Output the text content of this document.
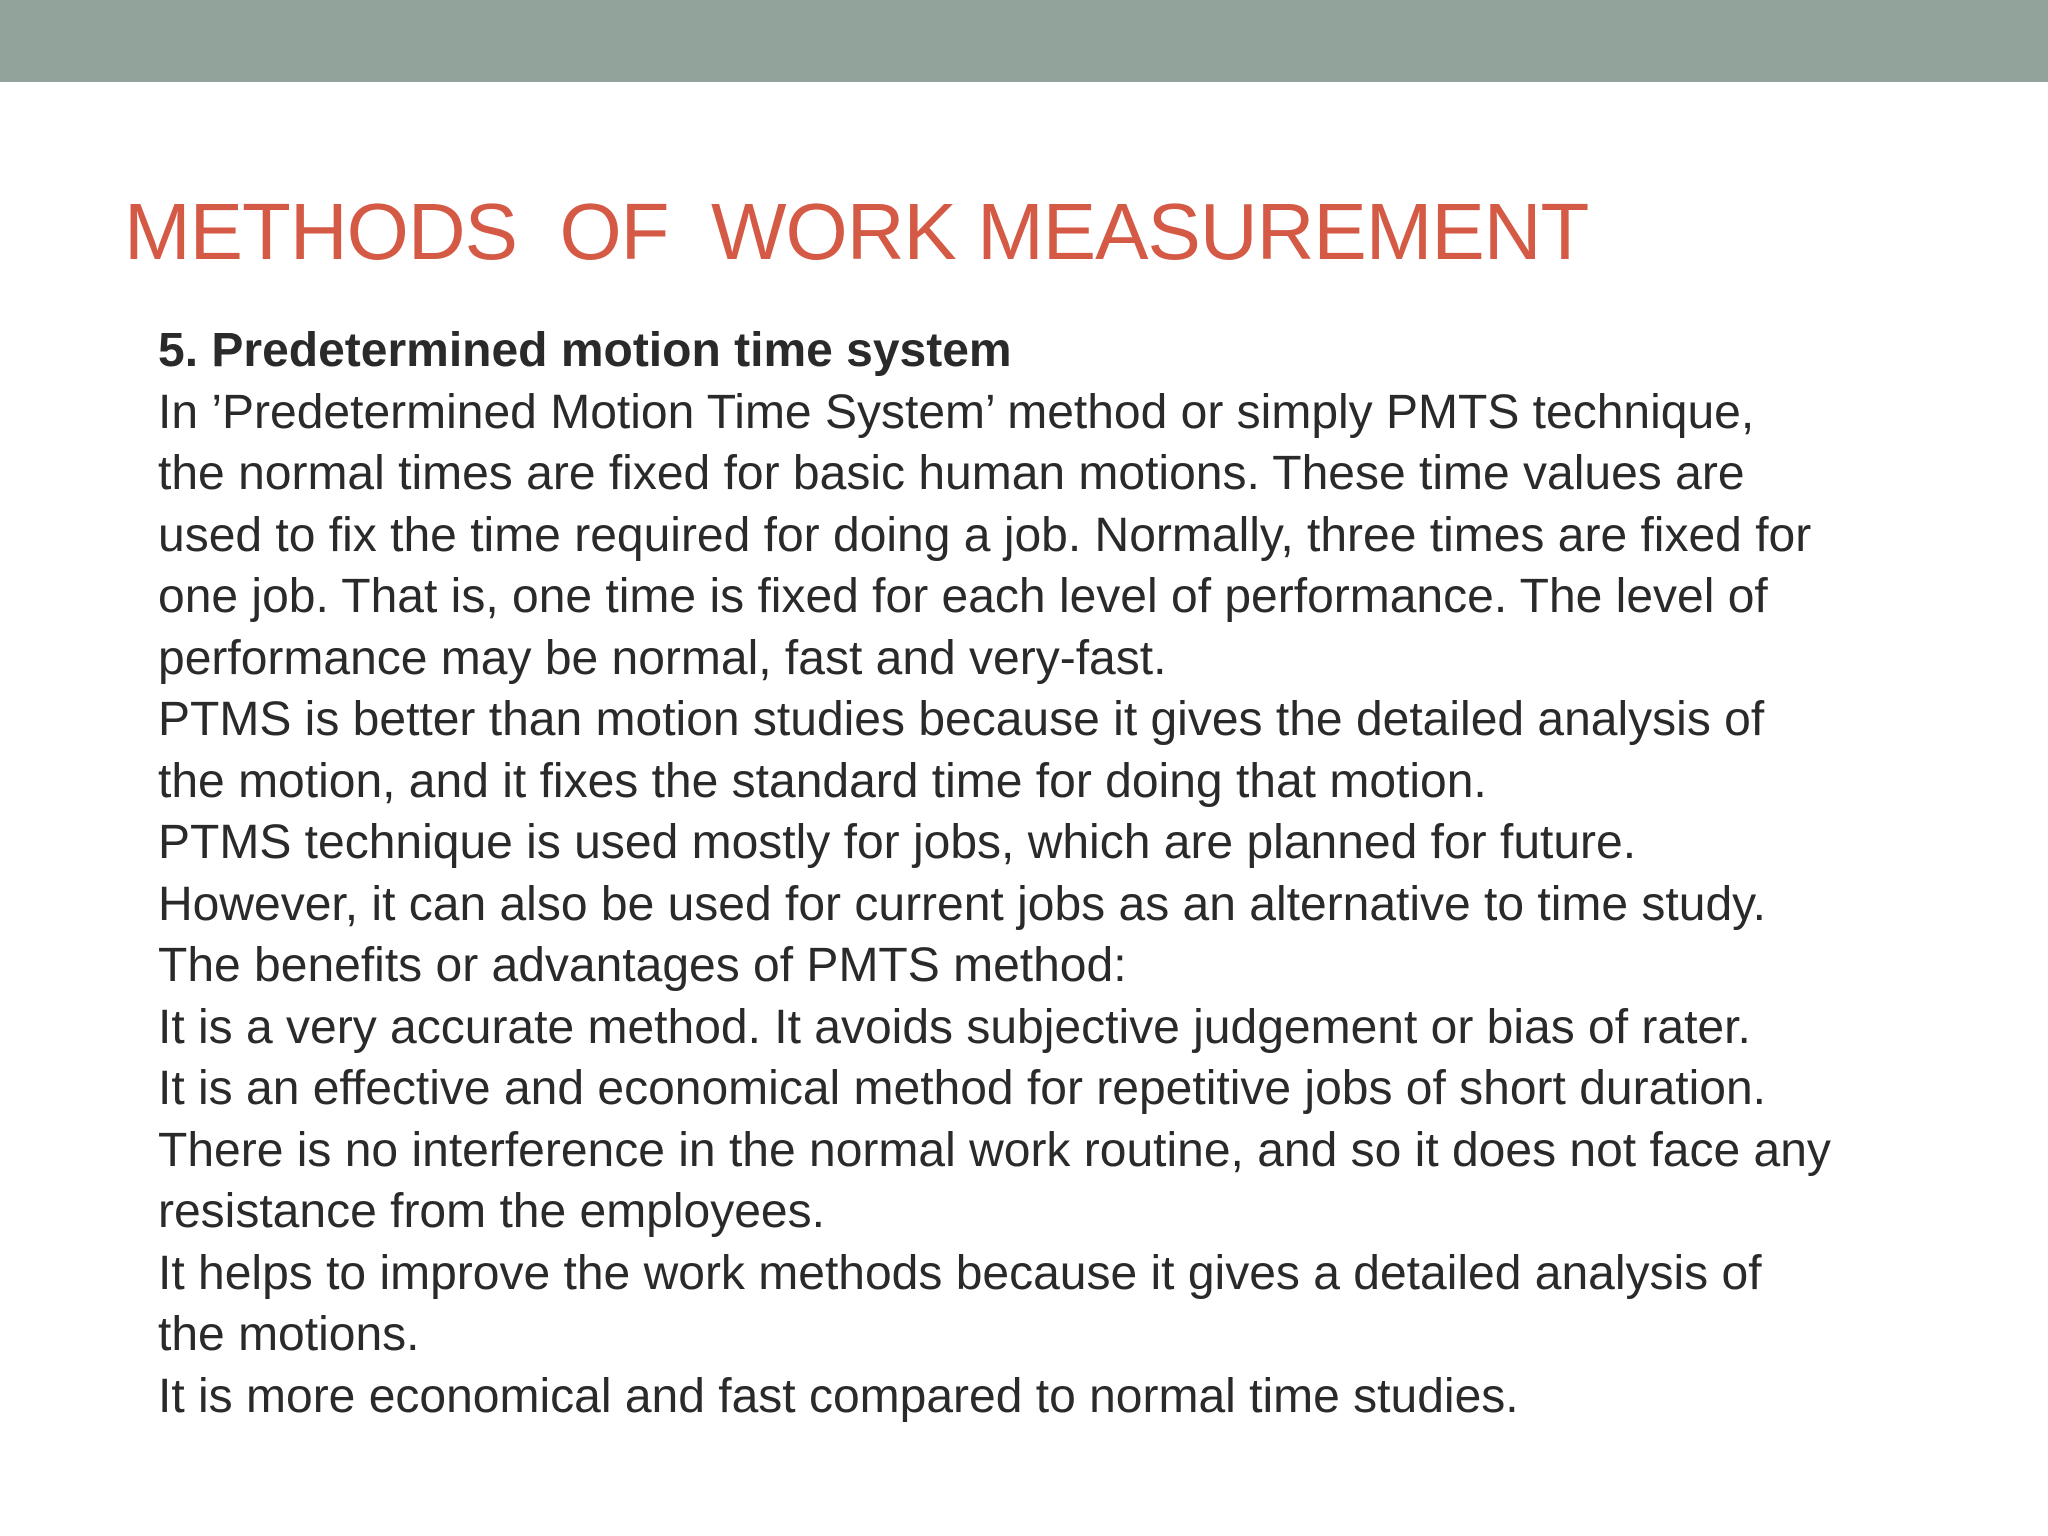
METHODS  OF  WORK MEASUREMENT
5. Predetermined motion time system
In ’Predetermined Motion Time System’ method or simply PMTS technique,
the normal times are fixed for basic human motions. These time values are
used to fix the time required for doing a job. Normally, three times are fixed for
one job. That is, one time is fixed for each level of performance. The level of
performance may be normal, fast and very-fast.
PTMS is better than motion studies because it gives the detailed analysis of
the motion, and it fixes the standard time for doing that motion.
PTMS technique is used mostly for jobs, which are planned for future.
However, it can also be used for current jobs as an alternative to time study.
The benefits or advantages of PMTS method:
It is a very accurate method. It avoids subjective judgement or bias of rater.
It is an effective and economical method for repetitive jobs of short duration.
There is no interference in the normal work routine, and so it does not face any
resistance from the employees.
It helps to improve the work methods because it gives a detailed analysis of
the motions.
It is more economical and fast compared to normal time studies.
